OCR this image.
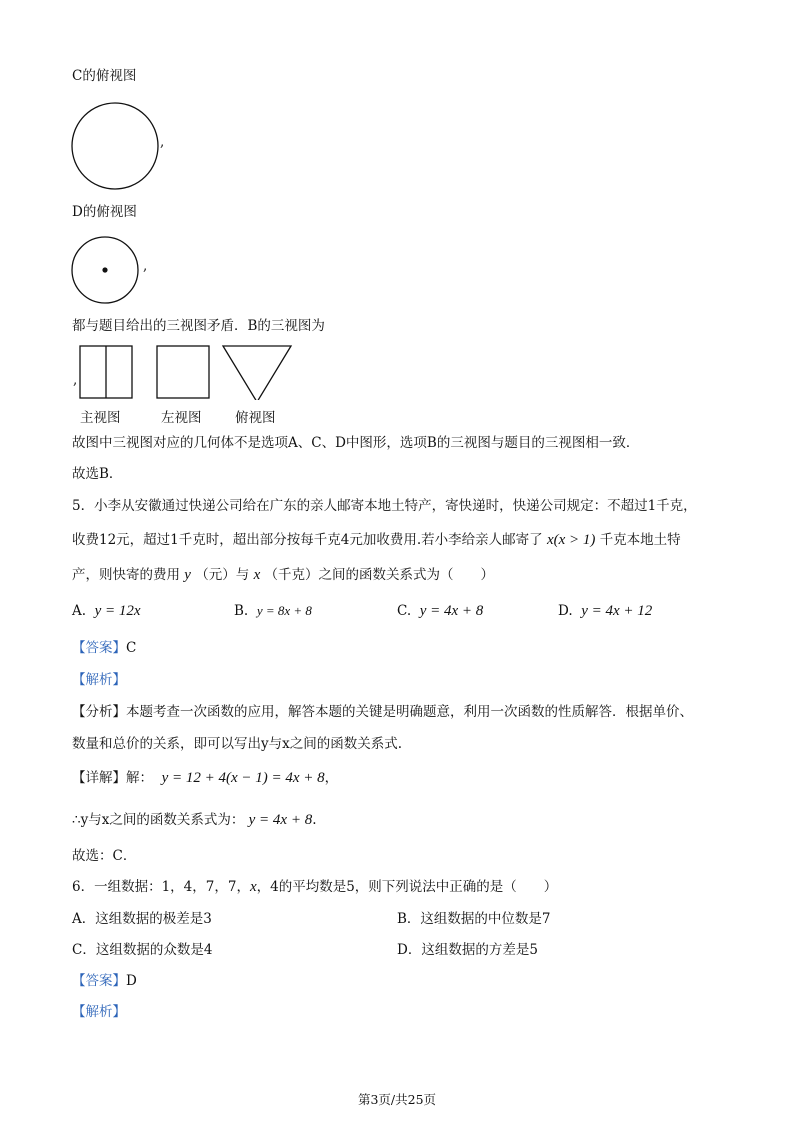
C的俯视图
,
D的俯视图
,
都与题目给出的三视图矛盾．B的三视图为
,
主视图	左视图 俯视图
故图中三视图对应的几何体不是选项A、C、D中图形，选项B的三视图与题目的三视图相一致．
故选B．
5．小李从安徽通过快递公司给在广东的亲人邮寄本地土特产，寄快递时，快递公司规定：不超过1千克，
收费12元，超过1千克时，超出部分按每千克4元加收费用.若小李给亲人邮寄了 x(x > 1) 千克本地土特
产，则快寄的费用 y （元）与 x （千克）之间的函数关系式为（　　）
A. y = 12x	B. y = 8x + 8	C. y = 4x + 8	D. y = 4x + 12
【答案】C
【解析】
【分析】本题考查一次函数的应用，解答本题的关键是明确题意，利用一次函数的性质解答．根据单价、
数量和总价的关系，即可以写出y与x之间的函数关系式.
【详解】解： y = 12 + 4(x − 1) = 4x + 8，
∴y与x之间的函数关系式为： y = 4x + 8.
故选：C．
6．一组数据：1，4，7，7，x，4的平均数是5，则下列说法中正确的是（　　）
A．这组数据的极差是3	B．这组数据的中位数是7
C．这组数据的众数是4	D．这组数据的方差是5
【答案】D
【解析】
第3页/共25页
